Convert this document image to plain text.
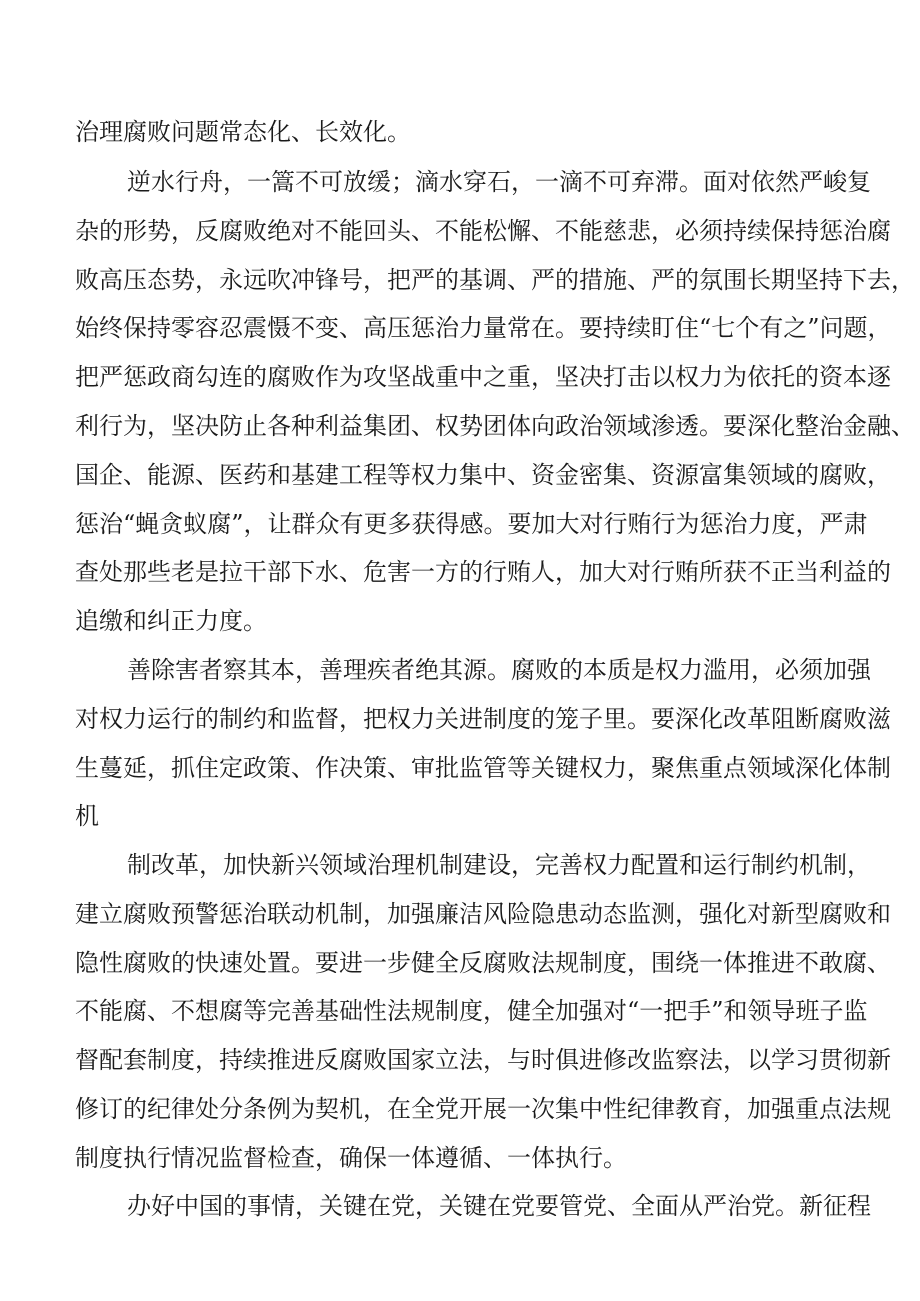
治理腐败问题常态化、长效化。
逆水行舟，一篙不可放缓；滴水穿石，一滴不可弃滞。面对依然严峻复
杂的形势，反腐败绝对不能回头、不能松懈、不能慈悲，必须持续保持惩治腐
败高压态势，永远吹冲锋号，把严的基调、严的措施、严的氛围长期坚持下去，
始终保持零容忍震慑不变、高压惩治力量常在。要持续盯住“七个有之”问题，
把严惩政商勾连的腐败作为攻坚战重中之重，坚决打击以权力为依托的资本逐
利行为，坚决防止各种利益集团、权势团体向政治领域渗透。要深化整治金融、
国企、能源、医药和基建工程等权力集中、资金密集、资源富集领域的腐败，
惩治“蝇贪蚁腐”，让群众有更多获得感。要加大对行贿行为惩治力度，严肃
查处那些老是拉干部下水、危害一方的行贿人，加大对行贿所获不正当利益的
追缴和纠正力度。
善除害者察其本，善理疾者绝其源。腐败的本质是权力滥用，必须加强
对权力运行的制约和监督，把权力关进制度的笼子里。要深化改革阻断腐败滋
生蔓延，抓住定政策、作决策、审批监管等关键权力，聚焦重点领域深化体制
机
制改革，加快新兴领域治理机制建设，完善权力配置和运行制约机制，
建立腐败预警惩治联动机制，加强廉洁风险隐患动态监测，强化对新型腐败和
隐性腐败的快速处置。要进一步健全反腐败法规制度，围绕一体推进不敢腐、
不能腐、不想腐等完善基础性法规制度，健全加强对“一把手”和领导班子监
督配套制度，持续推进反腐败国家立法，与时俱进修改监察法，以学习贯彻新
修订的纪律处分条例为契机，在全党开展一次集中性纪律教育，加强重点法规
制度执行情况监督检查，确保一体遵循、一体执行。
办好中国的事情，关键在党，关键在党要管党、全面从严治党。新征程
